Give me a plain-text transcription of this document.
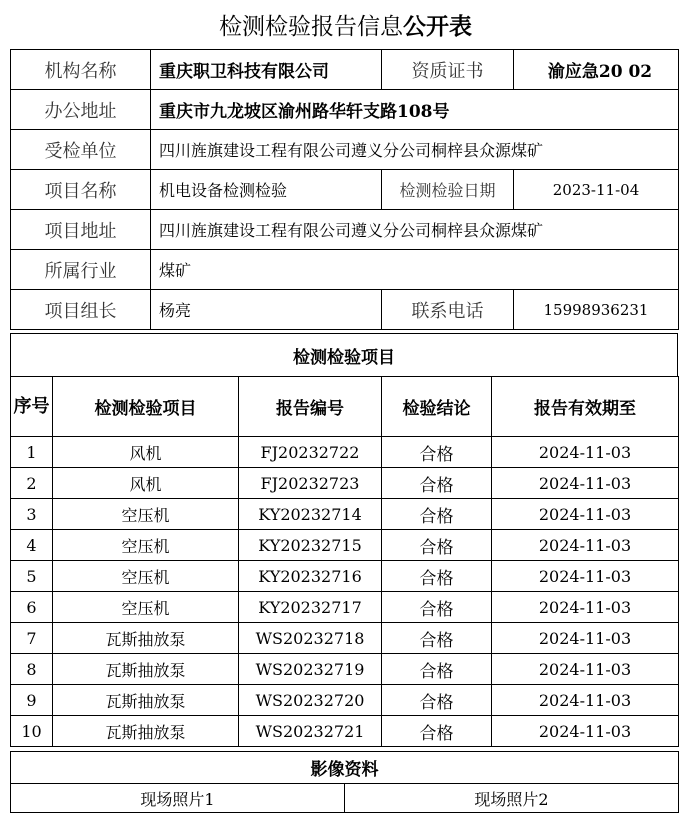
检测检验报告信息公开表
机构名称	重庆职卫科技有限公司	资质证书	渝应急20 02
办公地址	重庆市九龙坡区渝州路华轩支路108号		
受检单位	四川旌旗建设工程有限公司遵义分公司桐梓县众源煤矿		
项目名称	机电设备检测检验	检测检验日期	2023-11-04
项目地址	四川旌旗建设工程有限公司遵义分公司桐梓县众源煤矿		
所属行业	煤矿		
项目组长	杨亮	联系电话	15998936231
检测检验项目
序号	检测检验项目	报告编号	检验结论	报告有效期至
1	风机	FJ20232722	合格	2024-11-03
2	风机	FJ20232723	合格	2024-11-03
3	空压机	KY20232714	合格	2024-11-03
4	空压机	KY20232715	合格	2024-11-03
5	空压机	KY20232716	合格	2024-11-03
6	空压机	KY20232717	合格	2024-11-03
7	瓦斯抽放泵	WS20232718	合格	2024-11-03
8	瓦斯抽放泵	WS20232719	合格	2024-11-03
9	瓦斯抽放泵	WS20232720	合格	2024-11-03
10	瓦斯抽放泵	WS20232721	合格	2024-11-03
影像资料
现场照片1	现场照片2
